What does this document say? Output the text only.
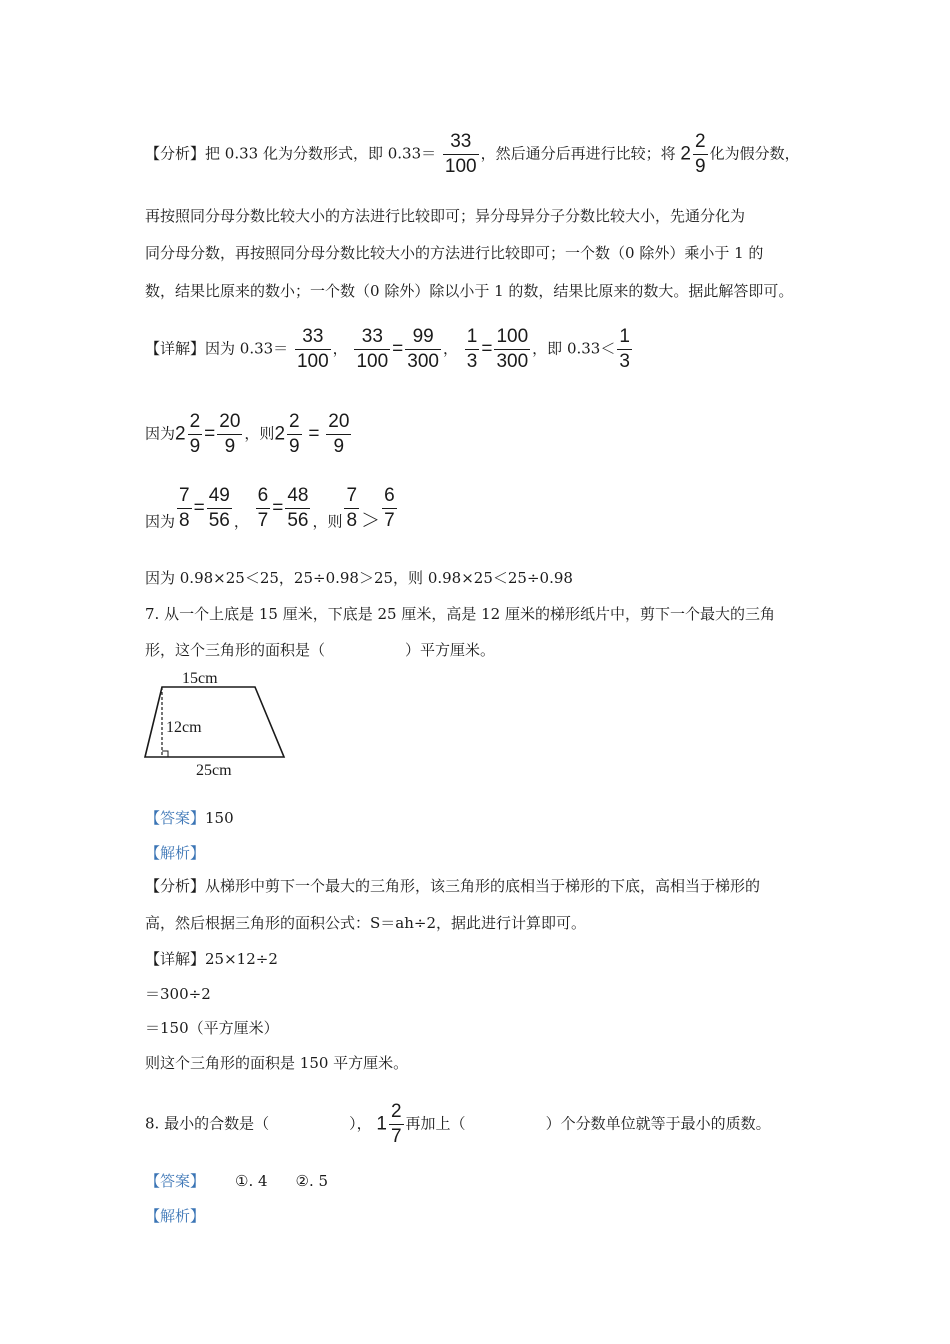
【分析】把 0.33 化为分数形式，即 $0.33= \frac{33}{100}$ ，然后通分后再进行比较；将 $2 \frac{2}{9}$ 化为假分数，
再按照同分母分数比较大小的方法进行比较即可；异分母异分子分数比较大小，先通分化为
同分母分数，再按照同分母分数比较大小的方法进行比较即可；一个数（0 除外）乘小于 1 的
数，结果比原来的数小；一个数（0 除外）除以小于 1 的数，结果比原来的数大。据此解答即可。
【详解】因为 $0.33= \frac{33}{100}$ ， $\frac{33}{100} = \frac{99}{300}$ ， $\frac{1}{3} = \frac{100}{300}$ ，即 $0.33< \frac{1}{3}$
因为$2 \frac{2}{9} = \frac{20}{9}$ ，则$2 \frac{2}{9} = \frac{20}{9}$
因为 $\frac{7}{8} = \frac{49}{56}$ ， $\frac{6}{7} = \frac{48}{56}$ ，则 $\frac{7}{8} > \frac{6}{7}$
因为 0.98×25＜25，25÷0.98＞25，则 0.98×25＜25÷0.98
7. 从一个上底是 15 厘米，下底是 25 厘米，高是 12 厘米的梯形纸片中，剪下一个最大的三角
形，这个三角形的面积是（	）平方厘米。
15cm
12cm
25cm
【答案】150
【解析】
【分析】从梯形中剪下一个最大的三角形，该三角形的底相当于梯形的下底，高相当于梯形的
高，然后根据三角形的面积公式：S＝ah÷2，据此进行计算即可。
【详解】25×12÷2
＝300÷2
＝150（平方厘米）
则这个三角形的面积是 150 平方厘米。
8. 最小的合数是（	）， $1 \frac{2}{7}$ 再加上（	）个分数单位就等于最小的质数。
【答案】 ①. 4 ②. 5
【解析】
